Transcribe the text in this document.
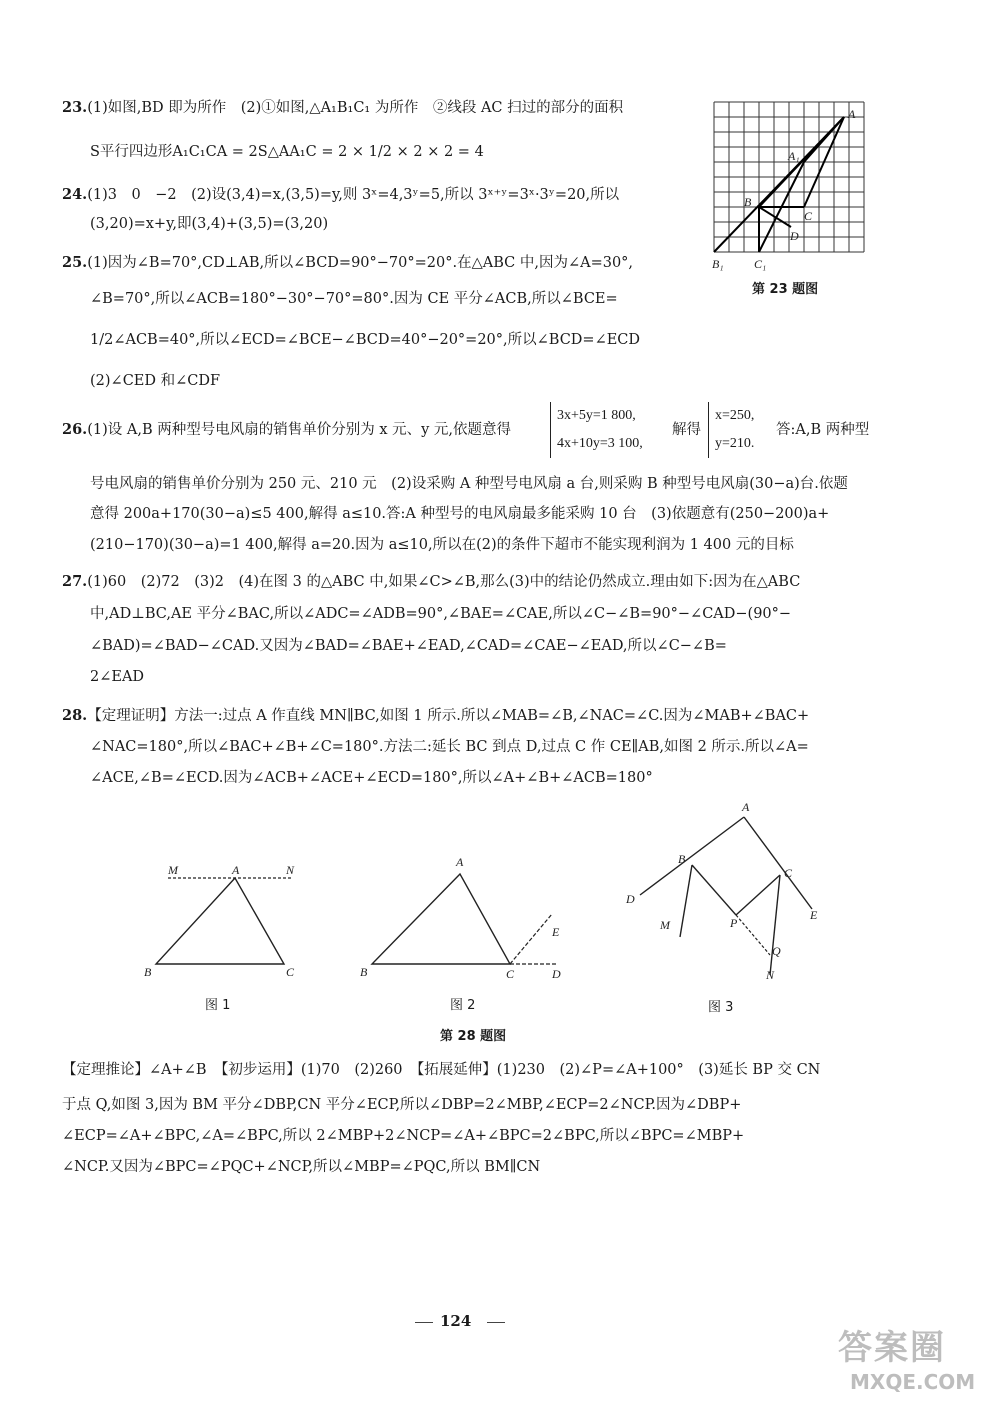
23.(1)如图,BD 即为所作　(2)①如图,△A₁B₁C₁ 为所作　②线段 AC 扫过的部分的面积
S平行四边形A₁C₁CA = 2S△AA₁C = 2 × 1/2 × 2 × 2 = 4
24.(1)3　0　−2　(2)设(3,4)=x,(3,5)=y,则 3ˣ=4,3ʸ=5,所以 3ˣ⁺ʸ=3ˣ·3ʸ=20,所以
(3,20)=x+y,即(3,4)+(3,5)=(3,20)
25.(1)因为∠B=70°,CD⊥AB,所以∠BCD=90°−70°=20°.在△ABC 中,因为∠A=30°,
∠B=70°,所以∠ACB=180°−30°−70°=80°.因为 CE 平分∠ACB,所以∠BCE=
1/2∠ACB=40°,所以∠ECD=∠BCE−∠BCD=40°−20°=20°,所以∠BCD=∠ECD
(2)∠CED 和∠CDF
A
A₁
B
C
D
B₁	C₁
第 23 题图
26.(1)设 A,B 两种型号电风扇的销售单价分别为 x 元、y 元,依题意得
3x+5y=1 800,
4x+10y=3 100,
解得
x=250,
y=210.
答:A,B 两种型
号电风扇的销售单价分别为 250 元、210 元　(2)设采购 A 种型号电风扇 a 台,则采购 B 种型号电风扇(30−a)台.依题
意得 200a+170(30−a)≤5 400,解得 a≤10.答:A 种型号的电风扇最多能采购 10 台　(3)依题意有(250−200)a+
(210−170)(30−a)=1 400,解得 a=20.因为 a≤10,所以在(2)的条件下超市不能实现利润为 1 400 元的目标
27.(1)60　(2)72　(3)2　(4)在图 3 的△ABC 中,如果∠C>∠B,那么(3)中的结论仍然成立.理由如下:因为在△ABC
中,AD⊥BC,AE 平分∠BAC,所以∠ADC=∠ADB=90°,∠BAE=∠CAE,所以∠C−∠B=90°−∠CAD−(90°−
∠BAD)=∠BAD−∠CAD.又因为∠BAD=∠BAE+∠EAD,∠CAD=∠CAE−∠EAD,所以∠C−∠B=
2∠EAD
28.【定理证明】方法一:过点 A 作直线 MN∥BC,如图 1 所示.所以∠MAB=∠B,∠NAC=∠C.因为∠MAB+∠BAC+
∠NAC=180°,所以∠BAC+∠B+∠C=180°.方法二:延长 BC 到点 D,过点 C 作 CE∥AB,如图 2 所示.所以∠A=
∠ACE,∠B=∠ECD.因为∠ACB+∠ACE+∠ECD=180°,所以∠A+∠B+∠ACB=180°
M	A	N
B	C
图 1
A
B	C	D
E
图 2
A
B
C
D
E
M	P
Q
N
图 3
第 28 题图
【定理推论】∠A+∠B　【初步运用】(1)70　(2)260　【拓展延伸】(1)230　(2)∠P=∠A+100°　(3)延长 BP 交 CN
于点 Q,如图 3,因为 BM 平分∠DBP,CN 平分∠ECP,所以∠DBP=2∠MBP,∠ECP=2∠NCP.因为∠DBP+
∠ECP=∠A+∠BPC,∠A=∠BPC,所以 2∠MBP+2∠NCP=∠A+∠BPC=2∠BPC,所以∠BPC=∠MBP+
∠NCP.又因为∠BPC=∠PQC+∠NCP,所以∠MBP=∠PQC,所以 BM∥CN
124
答案圈
MXQE.COM
